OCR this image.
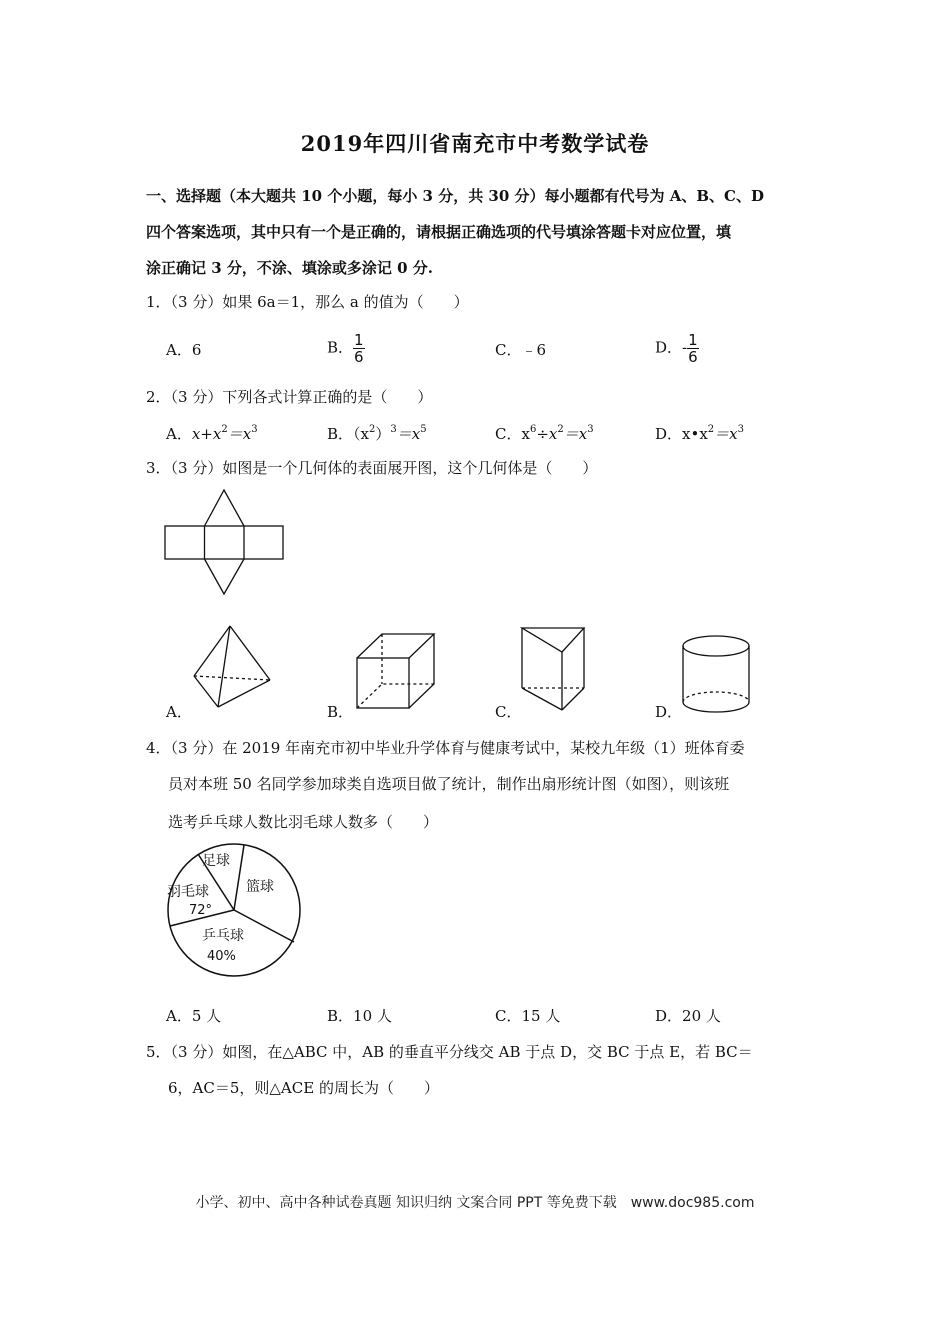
2019年四川省南充市中考数学试卷
一、选择题（本大题共 10 个小题，每小 3 分，共 30 分）每小题都有代号为 A、B、C、D
四个答案选项，其中只有一个是正确的，请根据正确选项的代号填涂答题卡对应位置，填
涂正确记 3 分，不涂、填涂或多涂记 0 分.
1．（3 分）如果 6a＝1，那么 a 的值为（　　）
A．6	B． $\frac{1}{6}$	C．﹣6	D．- $\frac{1}{6}$
2．（3 分）下列各式计算正确的是（　　）
A．$x+x^2=x^3$	B．$(x^2)^3=x^5$	C．$x^6\div x^2=x^3$	D．$x•x^2=x^3$
3．（3 分）如图是一个几何体的表面展开图，这个几何体是（　　）
A．	B．	C．	D．
4．（3 分）在 2019 年南充市初中毕业升学体育与健康考试中，某校九年级（1）班体育委
员对本班 50 名同学参加球类自选项目做了统计，制作出扇形统计图（如图），则该班
选考乒乓球人数比羽毛球人数多（　　）
足球
篮球
羽毛球
72°
乒乓球
40%
A．5 人	B．10 人	C．15 人	D．20 人
5．（3 分）如图，在△ABC 中，AB 的垂直平分线交 AB 于点 D，交 BC 于点 E，若 BC＝
6，AC＝5，则△ACE 的周长为（　　）
小学、初中、高中各种试卷真题 知识归纳 文案合同 PPT 等免费下载　www.doc985.com
